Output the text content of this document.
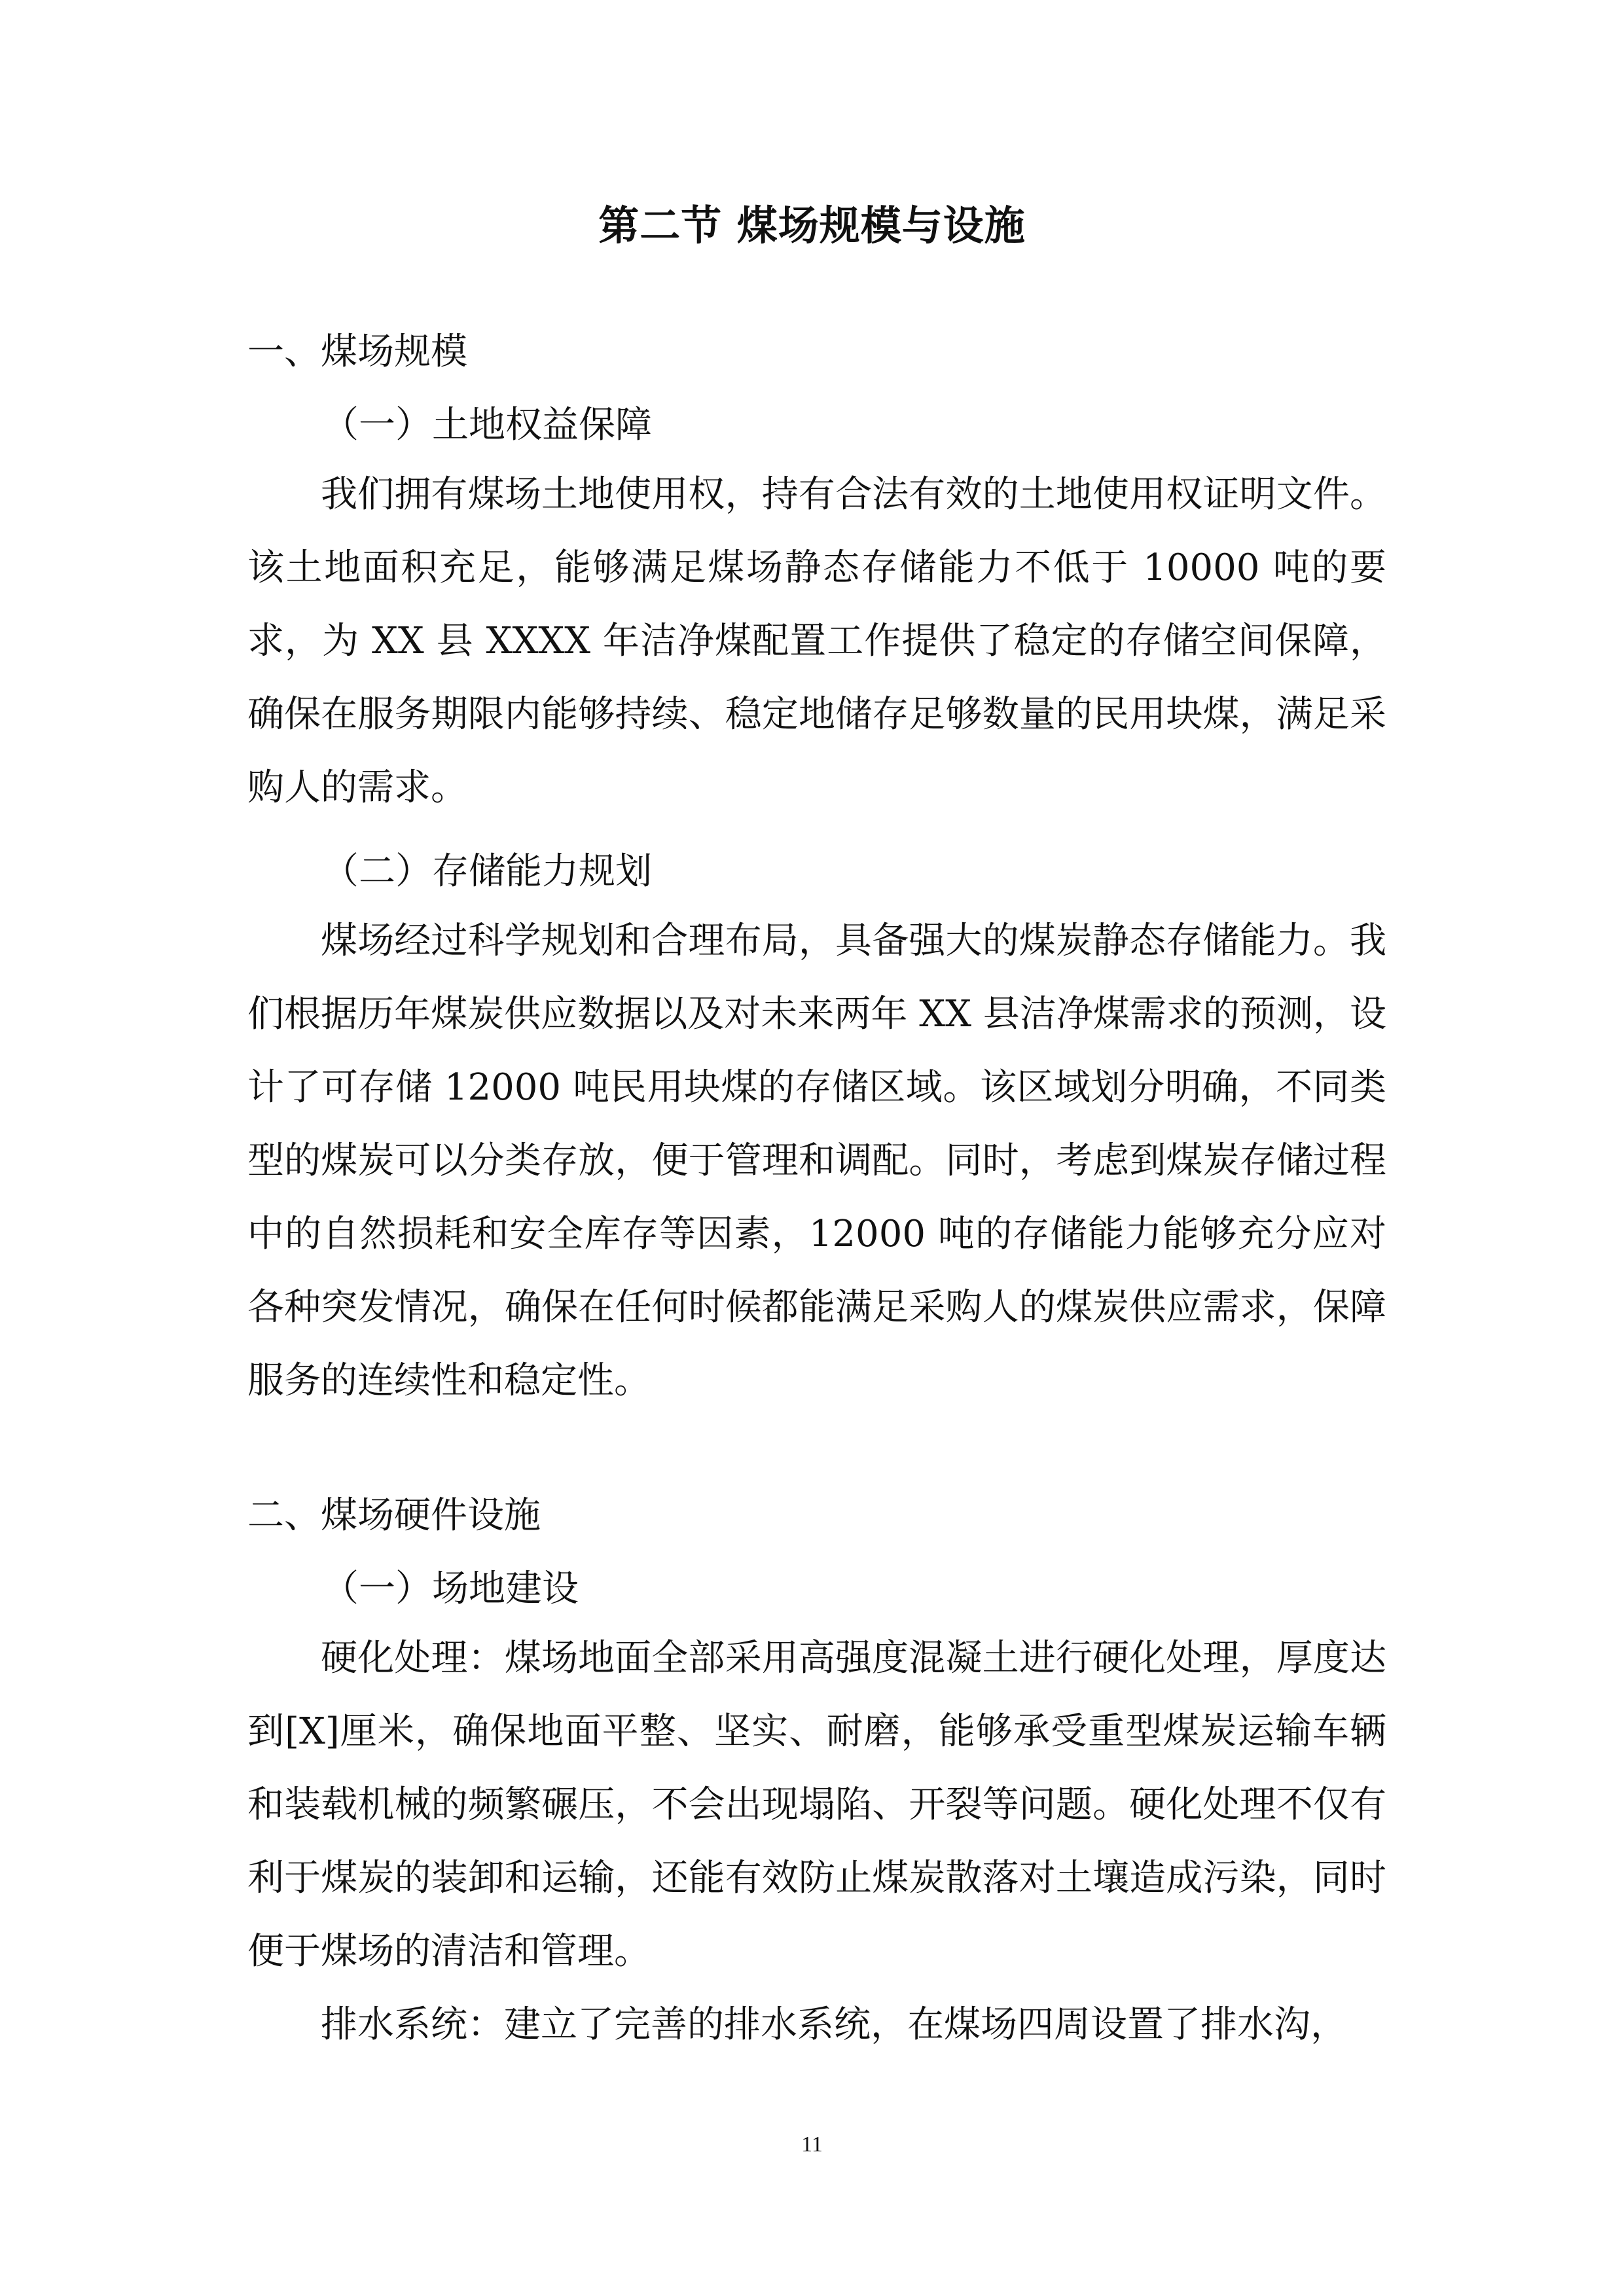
第二节 煤场规模与设施
一、煤场规模
（一）土地权益保障
我们拥有煤场土地使用权，持有合法有效的土地使用权证明文件。该土地面积充足，能够满足煤场静态存储能力不低于 10000 吨的要求，为 XX 县 XXXX 年洁净煤配置工作提供了稳定的存储空间保障，确保在服务期限内能够持续、稳定地储存足够数量的民用块煤，满足采购人的需求。
（二）存储能力规划
煤场经过科学规划和合理布局，具备强大的煤炭静态存储能力。我们根据历年煤炭供应数据以及对未来两年 XX 县洁净煤需求的预测，设计了可存储 12000 吨民用块煤的存储区域。该区域划分明确，不同类型的煤炭可以分类存放，便于管理和调配。同时，考虑到煤炭存储过程中的自然损耗和安全库存等因素，12000 吨的存储能力能够充分应对各种突发情况，确保在任何时候都能满足采购人的煤炭供应需求，保障服务的连续性和稳定性。
二、煤场硬件设施
（一）场地建设
硬化处理：煤场地面全部采用高强度混凝土进行硬化处理，厚度达到[X]厘米，确保地面平整、坚实、耐磨，能够承受重型煤炭运输车辆和装载机械的频繁碾压，不会出现塌陷、开裂等问题。硬化处理不仅有利于煤炭的装卸和运输，还能有效防止煤炭散落对土壤造成污染，同时便于煤场的清洁和管理。
排水系统：建立了完善的排水系统，在煤场四周设置了排水沟，
11
